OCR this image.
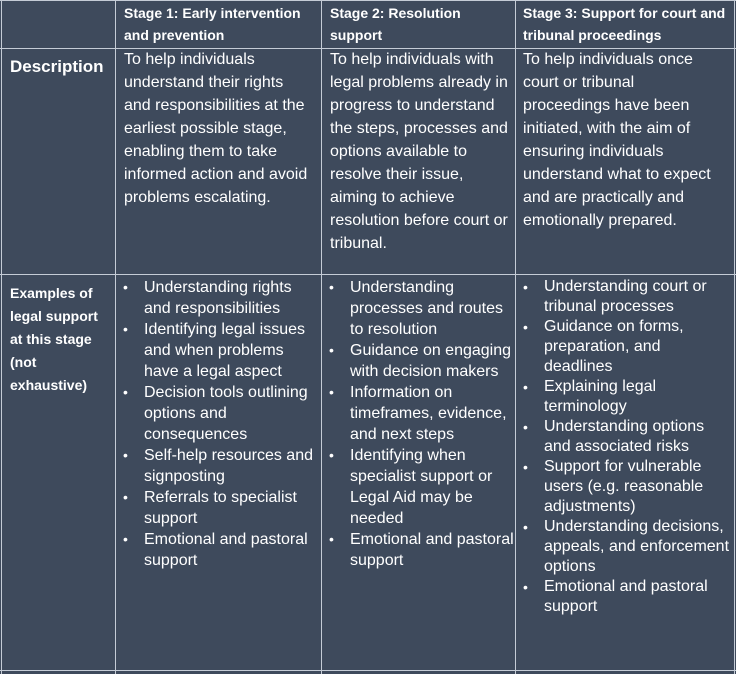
Stage 1: Early intervention and prevention
Stage 2: Resolution support
Stage 3: Support for court and tribunal proceedings
Description	To help individuals understand their rights and responsibilities at the earliest possible stage, enabling them to take informed action and avoid problems escalating.
To help individuals with legal problems already in progress to understand the steps, processes and options available to resolve their issue, aiming to achieve resolution before court or tribunal.
To help individuals once court or tribunal proceedings have been initiated, with the aim of ensuring individuals understand what to expect and are practically and emotionally prepared.
Examples of legal support at this stage (not exhaustive)
• Understanding rights and responsibilities
• Identifying legal issues and when problems have a legal aspect
• Decision tools outlining options and consequences
• Self-help resources and signposting
• Referrals to specialist support
• Emotional and pastoral support
• Understanding processes and routes to resolution
• Guidance on engaging with decision makers
• Information on timeframes, evidence, and next steps
• Identifying when specialist support or Legal Aid may be needed
• Emotional and pastoral support
• Understanding court or tribunal processes
• Guidance on forms, preparation, and deadlines
• Explaining legal terminology
• Understanding options and associated risks
• Support for vulnerable users (e.g. reasonable adjustments)
• Understanding decisions, appeals, and enforcement options
• Emotional and pastoral support
